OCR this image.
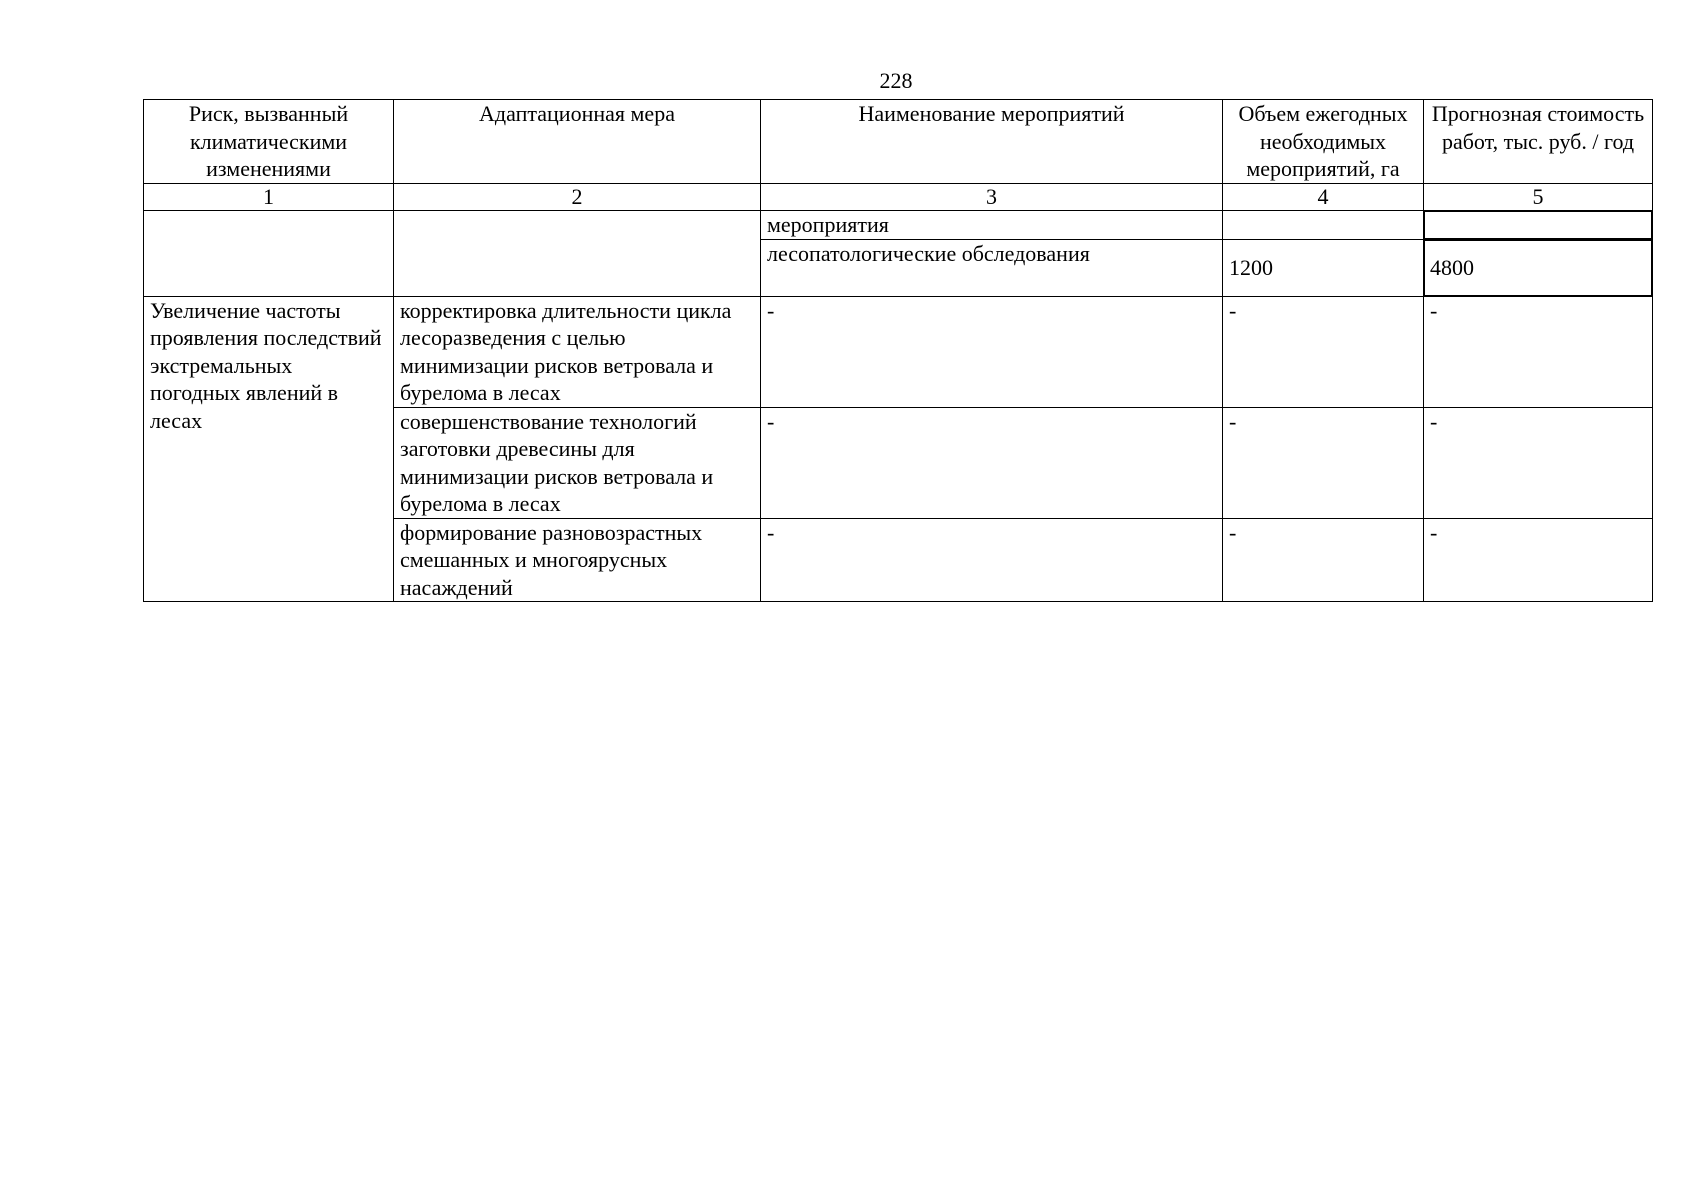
228
Риск, вызванный климатическими изменениями	Адаптационная мера	Наименование мероприятий	Объем ежегодных необходимых мероприятий, га	Прогнозная стоимость работ, тыс. руб. / год
1	2	3	4	5
		мероприятия		
		лесопатологические обследования	1200	4800
Увеличение частоты проявления последствий экстремальных погодных явлений в лесах	корректировка длительности цикла лесоразведения с целью минимизации рисков ветровала и бурелома в лесах	-	-	-
	совершенствование технологий заготовки древесины для минимизации рисков ветровала и бурелома в лесах	-	-	-
	формирование разновозрастных смешанных и многоярусных насаждений	-	-	-
